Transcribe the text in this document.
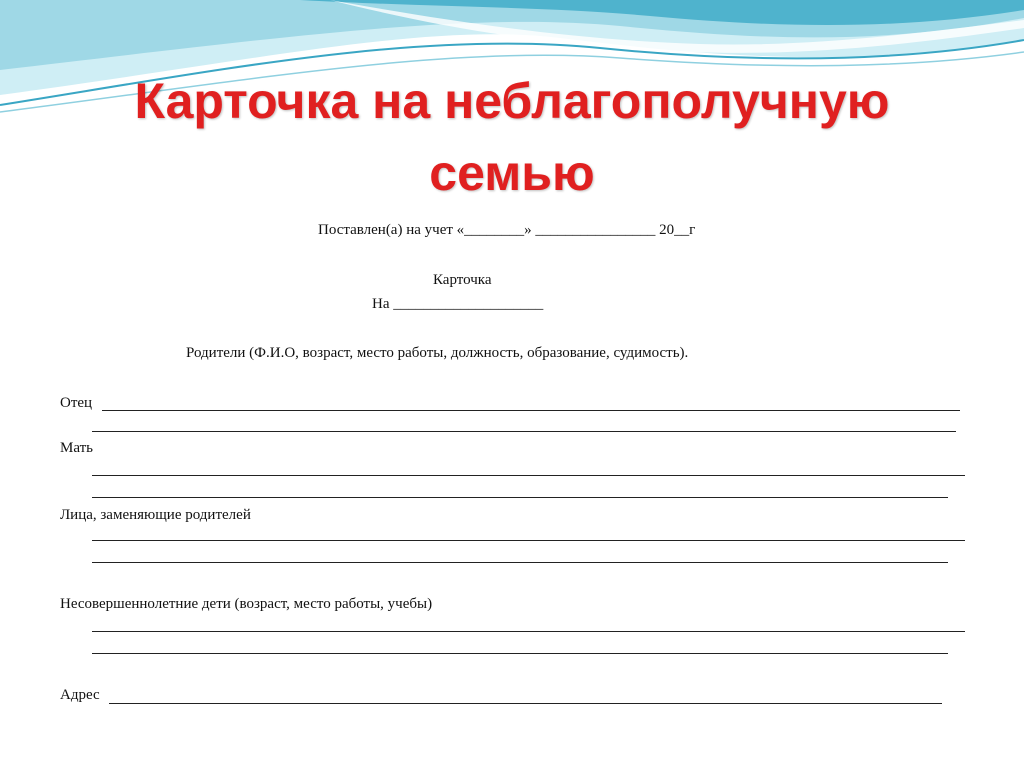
Карточка на неблагополучную
семью
Поставлен(а) на учет «________» ________________ 20__г
Карточка
На ____________________
Родители (Ф.И.О, возраст, место работы, должность, образование, судимость).
Отец
Мать
Лица, заменяющие родителей
Несовершеннолетние дети (возраст, место работы, учебы)
Адрес
